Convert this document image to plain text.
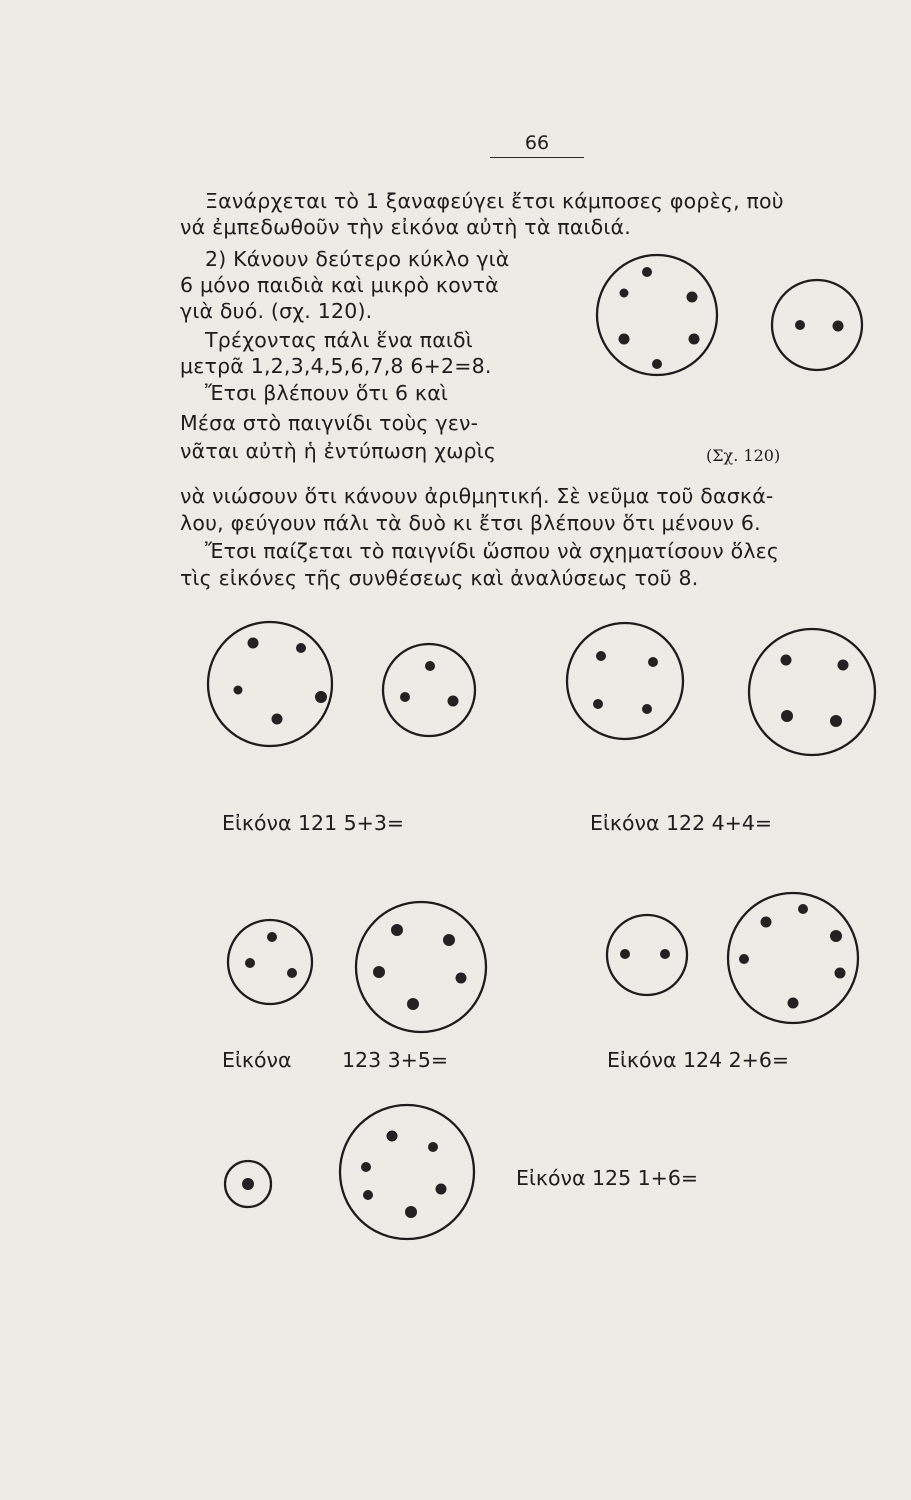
66
Ξανάρχεται τὸ 1 ξαναφεύγει ἔτσι κάμποσες φορὲς, ποὺ
νά ἐμπεδωθοῦν τὴν εἰκόνα αὐτὴ τὰ παιδιά.
2) Κάνουν δεύτερο κύκλο γιὰ
6 μόνο παιδιὰ καὶ μικρὸ κοντὰ
γιὰ δυό. (σχ. 120).
Τρέχοντας πάλι ἕνα παιδὶ
μετρᾶ 1,2,3,4,5,6,7,8 6+2=8.
Ἔτσι βλέπουν ὅτι 6 καὶ
Μέσα στὸ παιγνίδι τοὺς γεν-
νᾶται αὐτὴ ἡ ἐντύπωση χωρὶς	(Σχ. 120)
νὰ νιώσουν ὅτι κάνουν ἀριθμητική. Σὲ νεῦμα τοῦ δασκά-
λου, φεύγουν πάλι τὰ δυὸ κι ἔτσι βλέπουν ὅτι μένουν 6.
Ἔτσι παίζεται τὸ παιγνίδι ὥσπου νὰ σχηματίσουν ὅλες
τὶς εἰκόνες τῆς συνθέσεως καὶ ἀναλύσεως τοῦ 8.
Εἰκόνα 121 5+3=	Εἰκόνα 122 4+4=
Εἰκόνα 123 3+5=	Εἰκόνα 124 2+6=
Εἰκόνα 125 1+6=
